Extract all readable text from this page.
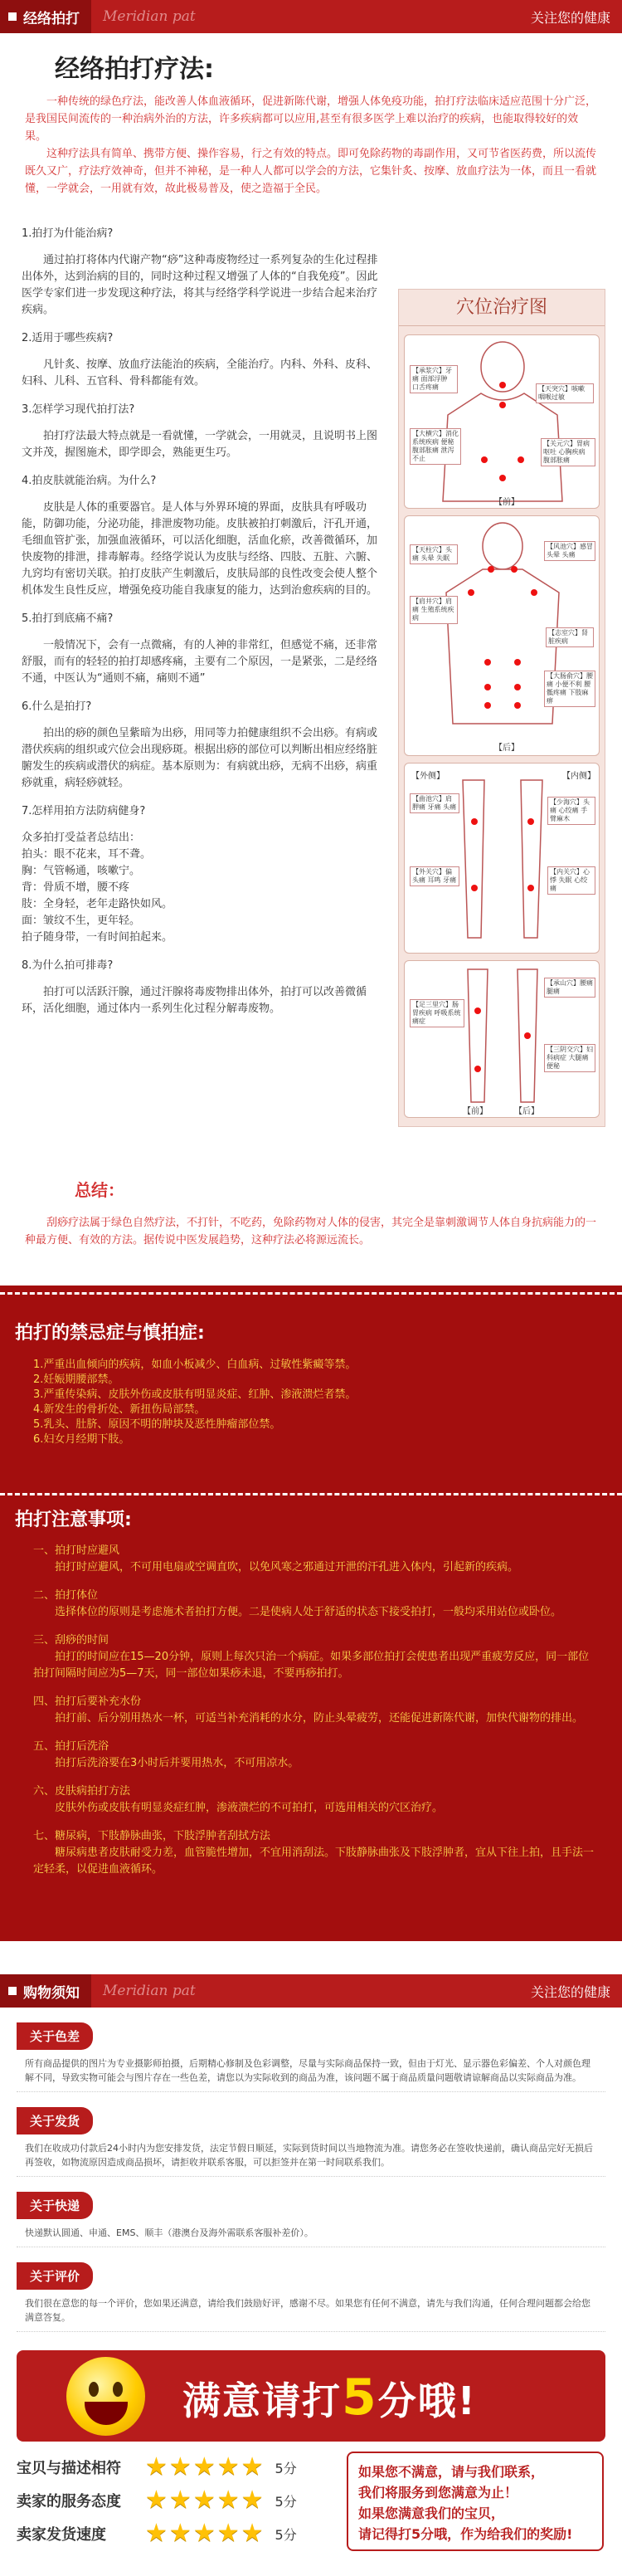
经络拍打 Meridian pat	关注您的健康
经络拍打疗法:

一种传统的绿色疗法，能改善人体血液循环，促进新陈代谢，增强人体免疫功能，拍打疗法临床适应范围十分广泛，是我国民间流传的一种治病外治的方法，许多疾病都可以应用,甚至有很多医学上难以治疗的疾病，也能取得较好的效果。

这种疗法具有简单、携带方便、操作容易，行之有效的特点。即可免除药物的毒副作用，又可节省医药费，所以流传既久又广，疗法疗效神奇，但并不神秘，是一种人人都可以学会的方法，它集针炙、按摩、放血疗法为一体，而且一看就懂，一学就会，一用就有效，故此极易普及，使之造福于全民。

1.拍打为什能治病?
通过拍打将体内代谢产物“痧”这种毒废物经过一系列复杂的生化过程排出体外，达到治病的目的，同时这种过程又增强了人体的“自我免疫”。因此医学专家们进一步发现这种疗法，将其与经络学科学说进一步结合起来治疗疾病。
2.适用于哪些疾病?
凡针炙、按摩、放血疗法能治的疾病，全能治疗。内科、外科、皮科、妇科、儿科、五官科、骨科都能有效。
3.怎样学习现代拍打法?
拍打疗法最大特点就是一看就懂，一学就会，一用就灵，且说明书上图文并茂，握图施术，即学即会，熟能更生巧。
4.拍皮肤就能治病。为什么?
皮肤是人体的重要器官。是人体与外界环境的界面，皮肤具有呼吸功能，防御功能，分泌功能，排泄废物功能。皮肤被拍打刺激后，汗孔开通，毛细血管扩张，加强血液循环，可以活化细胞，活血化瘀，改善微循环，加快废物的排泄，排毒解毒。经络学说认为皮肤与经络、四肢、五脏、六腑、九窍均有密切关联。拍打皮肤产生刺激后，皮肤局部的良性改变会使人整个机体发生良性反应，增强免疫功能自我康复的能力，达到治愈疾病的目的。
5.拍打到底痛不痛?
一般情况下，会有一点微痛，有的人神的非常红，但感觉不痛，还非常舒服，而有的轻轻的拍打却感疼痛，主要有二个原因，一是紧张，二是经络不通，中医认为“通则不痛，痛则不通”
6.什么是拍打?
拍出的痧的颜色呈紫暗为出痧，用同等力拍健康组织不会出痧。有病或潜伏疾病的组织或穴位会出现痧斑。根据出痧的部位可以判断出相应经络脏腑发生的疾病或潜伏的病症。基本原则为：有病就出痧，无病不出痧，病重痧就重，病轻痧就轻。
7.怎样用拍方法防病健身?
众多拍打受益者总结出：
拍头：眼不花来，耳不聋。
胸：气管畅通，咳嗽宁。
背：骨质不增，腰不疼
肢：全身轻，老年走路快如风。
面：皱纹不生，更年轻。
拍子随身带，一有时间拍起来。
8.为什么拍可排毒?
拍打可以活跃汗腺，通过汗腺将毒废物排出体外，拍打可以改善微循环，活化细胞，通过体内一系列生化过程分解毒废物。
穴位治疗图
【承浆穴】牙痛 面部浮肿 口舌疼痛	【天突穴】咳嗽 咽喉过敏
【大横穴】消化系统疾病 便秘 腹部胀痛 泄泻不止
【关元穴】胃病 呕吐 心胸疾病 腹部胀痛
【前】
【天柱穴】头痛 头晕 失眠
【风池穴】感冒 头晕 头痛
【肩井穴】肩痛 生殖系统疾病
【志室穴】肾脏疾病
【大肠俞穴】腰痛 小便不利 腰骶疼痛 下肢麻痹
【后】
【外侧】	【内侧】
【曲池穴】肩胛痛 牙痛 头痛
【少海穴】头痛 心绞痛 手臂麻木
【内关穴】心悸 失眠 心绞痛
【外关穴】偏头痛 耳鸣 牙痛
【足三里穴】肠胃疾病 呼吸系统 痛症
【承山穴】腰痛 腿痛
【三阴交穴】妇科病症 大腿痛 便秘
【前】	【后】
总结：

刮痧疗法属于绿色自然疗法，不打针，不吃药，免除药物对人体的侵害，其完全是靠刺激调节人体自身抗病能力的一种最方便、有效的方法。据传说中医发展趋势，这种疗法必将源远流长。

拍打的禁忌症与慎拍症:
1.严重出血倾向的疾病，如血小板减少、白血病、过敏性紫癜等禁。
2.妊娠期腰部禁。
3.严重传染病、皮肤外伤或皮肤有明显炎症、红肿、渗液溃烂者禁。
4.新发生的骨折处、新扭伤局部禁。
5.乳头、肚脐、原因不明的肿块及恶性肿瘤部位禁。
6.妇女月经期下肢。
拍打注意事项:
一、拍打时应避风
拍打时应避风，不可用电扇或空调直吹，以免风寒之邪通过开泄的汗孔进入体内，引起新的疾病。
二、拍打体位
选择体位的原则是考虑施术者拍打方便。二是使病人处于舒适的状态下接受拍打，一般均采用站位或卧位。
三、刮痧的时间
拍打的时间应在15—20分钟，原则上每次只治一个病症。如果多部位拍打会使患者出现严重疲劳反应，同一部位拍打间隔时间应为5—7天，同一部位如果痧未退，不要再痧拍打。
四、拍打后要补充水份
拍打前、后分别用热水一杯，可适当补充消耗的水分，防止头晕疲劳，还能促进新陈代谢，加快代谢物的排出。
五、拍打后洗浴
拍打后洗浴要在3小时后并要用热水，不可用凉水。
六、皮肤病拍打方法
皮肤外伤或皮肤有明显炎症红肿，渗液溃烂的不可拍打，可选用相关的穴区治疗。
七、糖尿病，下肢静脉曲张，下肢浮肿者刮拭方法
糖尿病患者皮肤耐受力差，血管脆性增加，不宜用消刮法。下肢静脉曲张及下肢浮肿者，宜从下往上拍，且手法一定轻柔，以促进血液循环。
购物须知 Meridian pat	关注您的健康
关于色差
所有商品提供的图片为专业摄影师拍摄，后期精心修制及色彩调整，尽量与实际商品保持一致，但由于灯光、显示器色彩偏差、个人对颜色理解不同，导致实物可能会与图片存在一些色差，请您以为实际收到的商品为准，该问题不属于商品质量问题敬请谅解商品以实际商品为准。
关于发货
我们在收成功付款后24小时内为您安排发货，法定节假日顺延，实际到货时间以当地物流为准。请您务必在签收快递前，确认商品完好无损后再签收，如物流原因造成商品损坏，请拒收并联系客服，可以拒签并在第一时间联系我们。
关于快递
快递默认圆通、申通、EMS、顺丰（港澳台及海外需联系客服补差价）。
关于评价
我们很在意您的每一个评价，您如果还满意，请给我们鼓励好评，感谢不尽。如果您有任何不满意，请先与我们沟通，任何合理问题都会给您满意答复。
满意请打5分哦!
宝贝与描述相符 ★ ★ ★ ★ ★ 5分
卖家的服务态度 ★ ★ ★ ★ ★ 5分
卖家发货速度	★ ★ ★ ★ ★ 5分
如果您不满意，请与我们联系，
我们将服务到您满意为止！
如果您满意我们的宝贝，
请记得打5分哦，作为给我们的奖励!
